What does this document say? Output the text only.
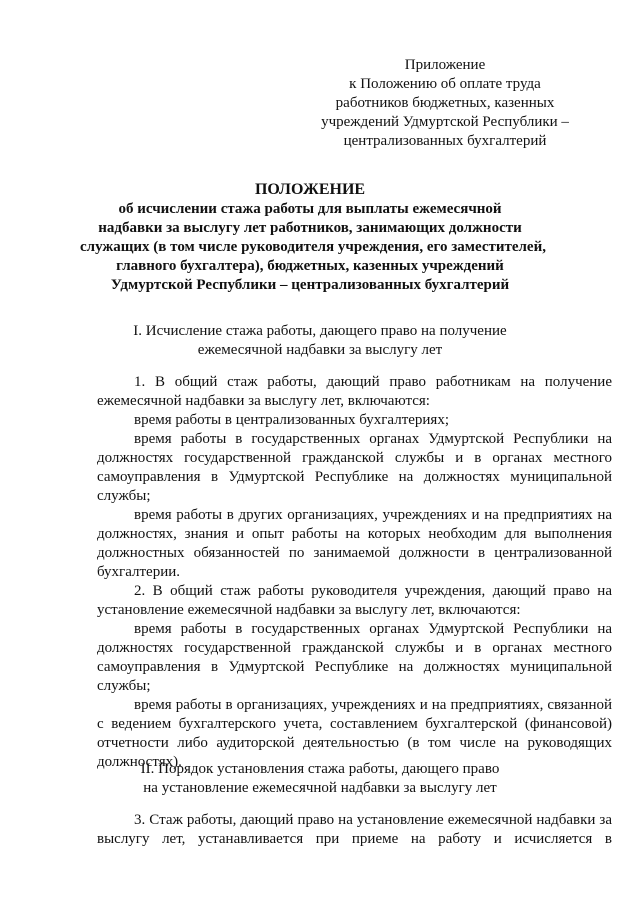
Приложение
к Положению об оплате труда
работников бюджетных, казенных
учреждений Удмуртской Республики –
централизованных бухгалтерий
ПОЛОЖЕНИЕ
об исчислении стажа работы для выплаты ежемесячной
надбавки за выслугу лет работников, занимающих должности
служащих (в том числе руководителя учреждения, его заместителей,
главного бухгалтера), бюджетных, казенных учреждений
Удмуртской Республики – централизованных бухгалтерий
I. Исчисление стажа работы, дающего право на получение
ежемесячной надбавки за выслугу лет
1. В общий стаж работы, дающий право работникам на получение
ежемесячной надбавки за выслугу лет, включаются:
время работы в централизованных бухгалтериях;
время работы в государственных органах Удмуртской Республики на
должностях государственной гражданской службы и в органах местного
самоуправления в Удмуртской Республике на должностях муниципальной
службы;
время работы в других организациях, учреждениях и на предприятиях на
должностях, знания и опыт работы на которых необходим для выполнения
должностных обязанностей по занимаемой должности в централизованной
бухгалтерии.
2. В общий стаж работы руководителя учреждения, дающий право на
установление ежемесячной надбавки за выслугу лет, включаются:
время работы в государственных органах Удмуртской Республики на
должностях государственной гражданской службы и в органах местного
самоуправления в Удмуртской Республике на должностях муниципальной
службы;
время работы в организациях, учреждениях и на предприятиях, связанной
с ведением бухгалтерского учета, составлением бухгалтерской (финансовой)
отчетности либо аудиторской деятельностью (в том числе на руководящих
должностях).
II. Порядок установления стажа работы, дающего право
на установление ежемесячной надбавки за выслугу лет
3. Стаж работы, дающий право на установление ежемесячной надбавки за
выслугу лет, устанавливается при приеме на работу и исчисляется в
